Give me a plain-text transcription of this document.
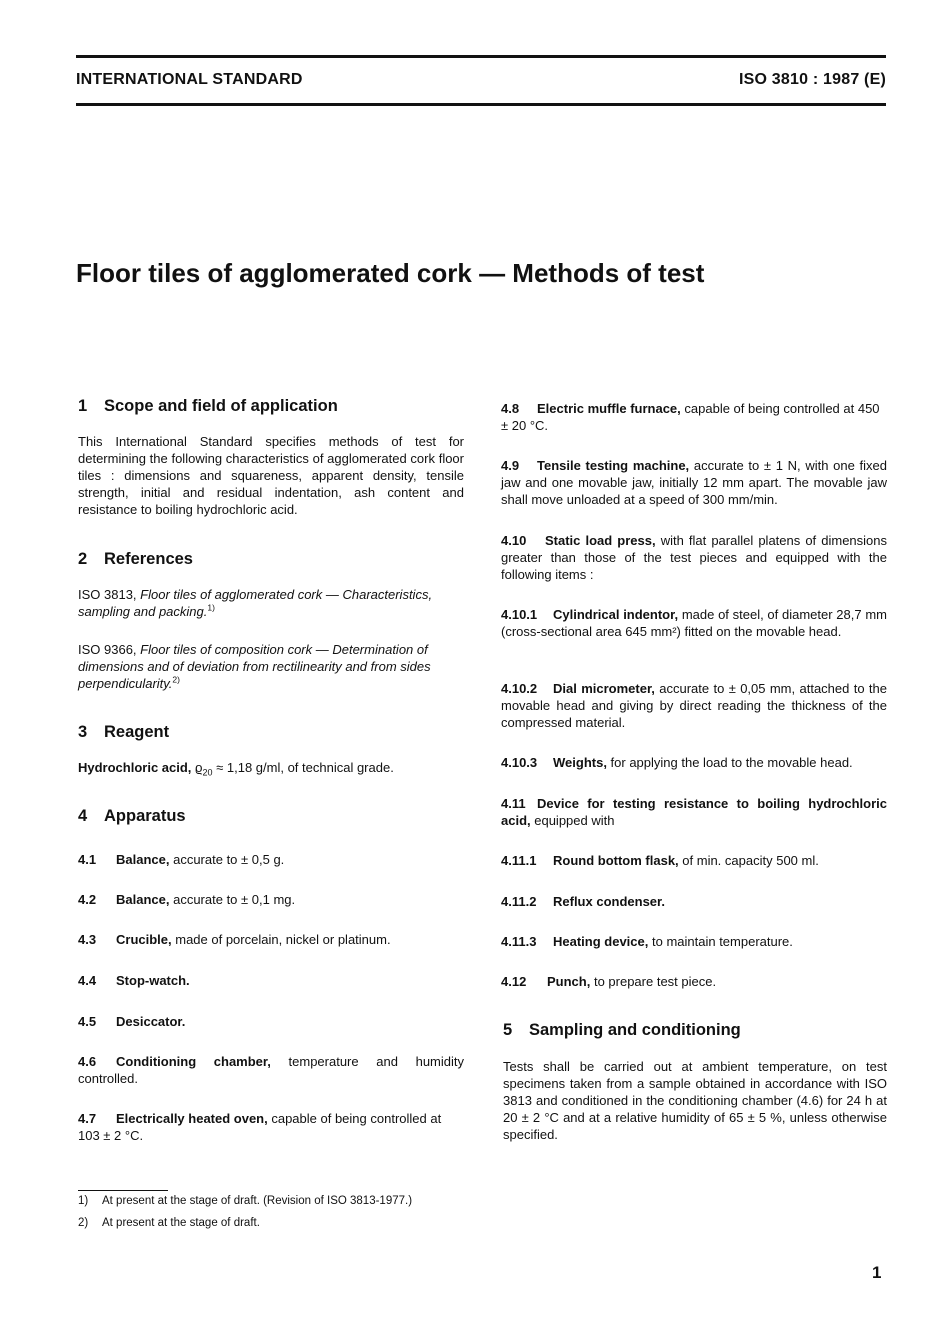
INTERNATIONAL STANDARD	ISO 3810 : 1987 (E)
Floor tiles of agglomerated cork — Methods of test
1 Scope and field of application
This International Standard specifies methods of test for determining the following characteristics of agglomerated cork floor tiles : dimensions and squareness, apparent density, tensile strength, initial and residual indentation, ash content and resistance to boiling hydrochloric acid.
2 References
ISO 3813, Floor tiles of agglomerated cork — Characteristics, sampling and packing.$^{1)}$
ISO 9366, Floor tiles of composition cork — Determination of dimensions and of deviation from rectilinearity and from sides perpendicularity.$^{2)}$
3 Reagent
Hydrochloric acid, $ϱ_{20} \approx 1,18$ g/ml, of technical grade.
4 Apparatus
4.1 Balance, accurate to ± 0,5 g.
4.2 Balance, accurate to ± 0,1 mg.
4.3 Crucible, made of porcelain, nickel or platinum.
4.4 Stop-watch.
4.5 Desiccator.
4.6 Conditioning chamber, temperature and humidity controlled.
4.7 Electrically heated oven, capable of being controlled at 103 ± 2 °C.
4.8 Electric muffle furnace, capable of being controlled at 450 ± 20 °C.
4.9 Tensile testing machine, accurate to ± 1 N, with one fixed jaw and one movable jaw, initially 12 mm apart. The movable jaw shall move unloaded at a speed of 300 mm/min.
4.10 Static load press, with flat parallel platens of dimensions greater than those of the test pieces and equipped with the following items :
4.10.1 Cylindrical indentor, made of steel, of diameter 28,7 mm (cross-sectional area 645 mm²) fitted on the movable head.
4.10.2 Dial micrometer, accurate to ± 0,05 mm, attached to the movable head and giving by direct reading the thickness of the compressed material.
4.10.3 Weights, for applying the load to the movable head.
4.11 Device for testing resistance to boiling hydrochloric acid, equipped with
4.11.1 Round bottom flask, of min. capacity 500 ml.
4.11.2 Reflux condenser.
4.11.3 Heating device, to maintain temperature.
4.12 Punch, to prepare test piece.
5 Sampling and conditioning
Tests shall be carried out at ambient temperature, on test specimens taken from a sample obtained in accordance with ISO 3813 and conditioned in the conditioning chamber (4.6) for 24 h at 20 ± 2 °C and at a relative humidity of 65 ± 5 %, unless otherwise specified.
1) At present at the stage of draft. (Revision of ISO 3813-1977.)
2) At present at the stage of draft.
1
